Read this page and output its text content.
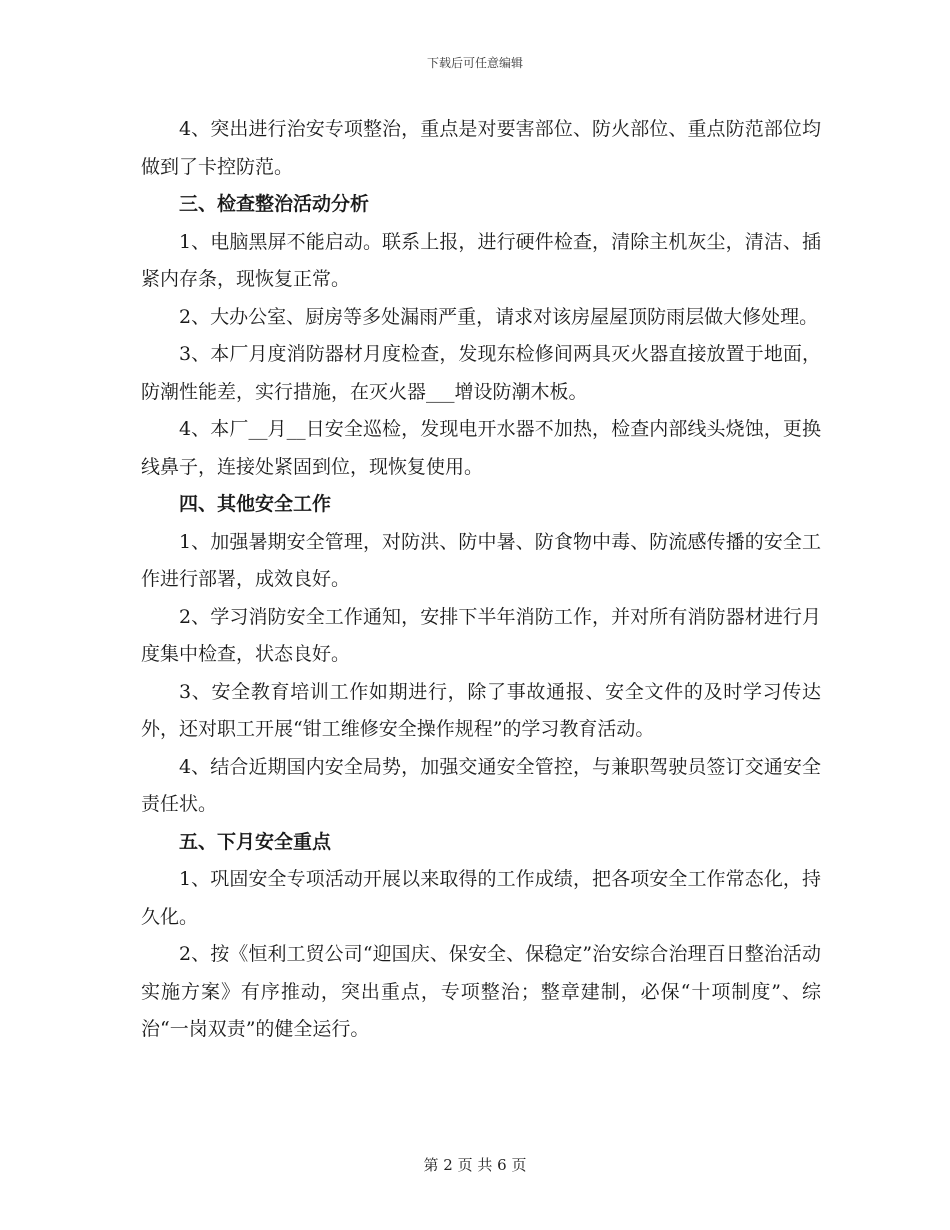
下载后可任意编辑

4、突出进行治安专项整治，重点是对要害部位、防火部位、重点防范部位均做到了卡控防范。

三、检查整治活动分析

1、电脑黑屏不能启动。联系上报，进行硬件检查，清除主机灰尘，清洁、插紧内存条，现恢复正常。

2、大办公室、厨房等多处漏雨严重，请求对该房屋屋顶防雨层做大修处理。

3、本厂月度消防器材月度检查，发现东检修间两具灭火器直接放置于地面，防潮性能差，实行措施，在灭火器___增设防潮木板。

4、本厂__月__日安全巡检，发现电开水器不加热，检查内部线头烧蚀，更换线鼻子，连接处紧固到位，现恢复使用。

四、其他安全工作

1、加强暑期安全管理，对防洪、防中暑、防食物中毒、防流感传播的安全工作进行部署，成效良好。

2、学习消防安全工作通知，安排下半年消防工作，并对所有消防器材进行月度集中检查，状态良好。

3、安全教育培训工作如期进行，除了事故通报、安全文件的及时学习传达外，还对职工开展“钳工维修安全操作规程”的学习教育活动。

4、结合近期国内安全局势，加强交通安全管控，与兼职驾驶员签订交通安全责任状。

五、下月安全重点

1、巩固安全专项活动开展以来取得的工作成绩，把各项安全工作常态化，持久化。

2、按《恒利工贸公司“迎国庆、保安全、保稳定”治安综合治理百日整治活动实施方案》有序推动，突出重点，专项整治；整章建制，必保“十项制度”、综治“一岗双责”的健全运行。

第 2 页 共 6 页
